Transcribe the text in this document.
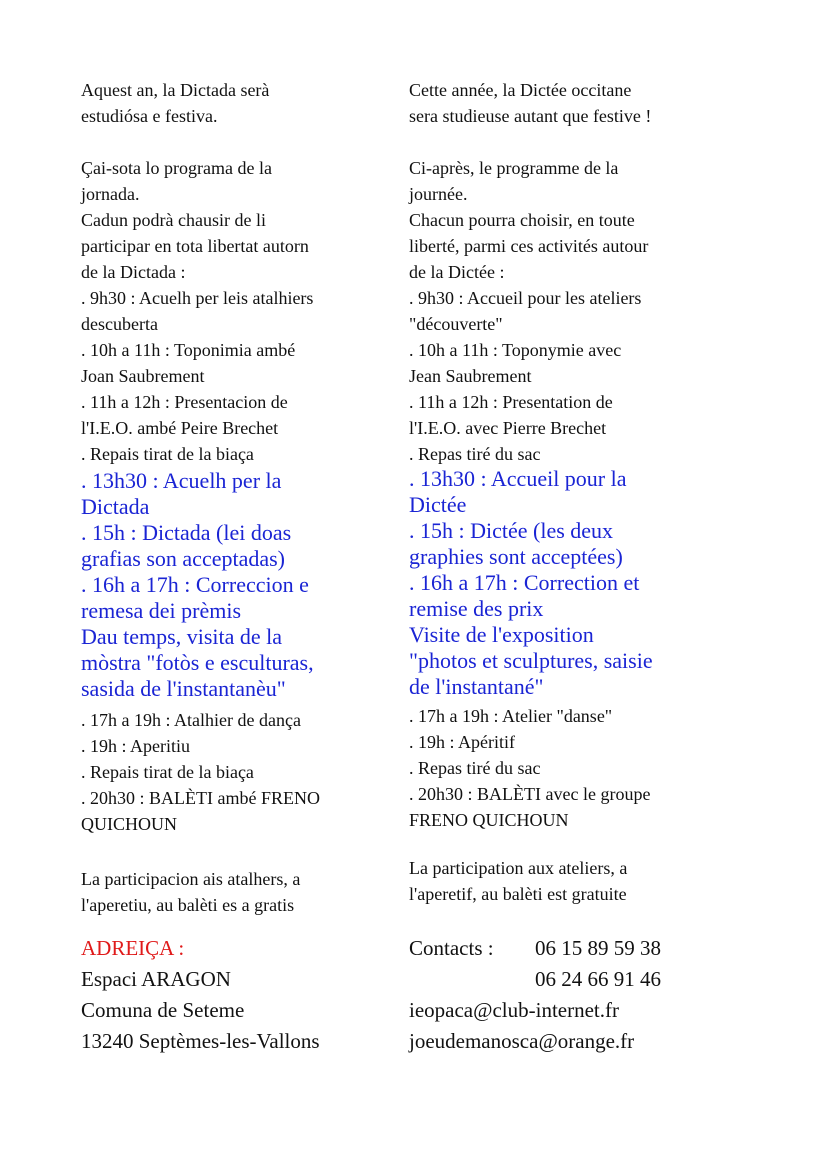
Aquest an, la Dictada serà
estudiósa e festiva.
Çai-sota lo programa de la
jornada.
Cadun podrà chausir de li
participar en tota libertat autorn
de la Dictada :
. 9h30 : Acuelh per leis atalhiers
descuberta
. 10h a 11h : Toponimia ambé
Joan Saubrement
. 11h a 12h : Presentacion de
l'I.E.O. ambé Peire Brechet
. Repais tirat de la biaça
. 13h30 : Acuelh per la
Dictada
. 15h : Dictada (lei doas
grafias son acceptadas)
. 16h a 17h : Correccion e
remesa dei prèmis
Dau temps, visita de la
mòstra "fotòs e esculturas,
sasida de l'instantanèu"
. 17h a 19h : Atalhier de dança
. 19h : Aperitiu
. Repais tirat de la biaça
. 20h30 : BALÈTI ambé FRENO
QUICHOUN
La participacion ais atalhers, a
l'aperetiu, au balèti es a gratis
ADREIÇA :
Espaci ARAGON
Comuna de Seteme
13240 Septèmes-les-Vallons
Cette année, la Dictée occitane
sera studieuse autant que festive !
Ci-après, le programme de la
journée.
Chacun pourra choisir, en toute
liberté, parmi ces activités autour
de la Dictée :
. 9h30 : Accueil pour les ateliers
"découverte"
. 10h a 11h : Toponymie avec
Jean Saubrement
. 11h a 12h : Presentation de
l'I.E.O. avec Pierre Brechet
. Repas tiré du sac
. 13h30 : Accueil pour la
Dictée
. 15h : Dictée (les deux
graphies sont acceptées)
. 16h a 17h : Correction et
remise des prix
Visite de l'exposition
"photos et sculptures, saisie
de l'instantané"
. 17h a 19h : Atelier "danse"
. 19h : Apéritif
. Repas tiré du sac
. 20h30 : BALÈTI avec le groupe
FRENO QUICHOUN
La participation aux ateliers, a
l'aperetif, au balèti est gratuite
Contacts : 06 15 89 59 38
06 24 66 91 46
ieopaca@club-internet.fr
joeudemanosca@orange.fr
